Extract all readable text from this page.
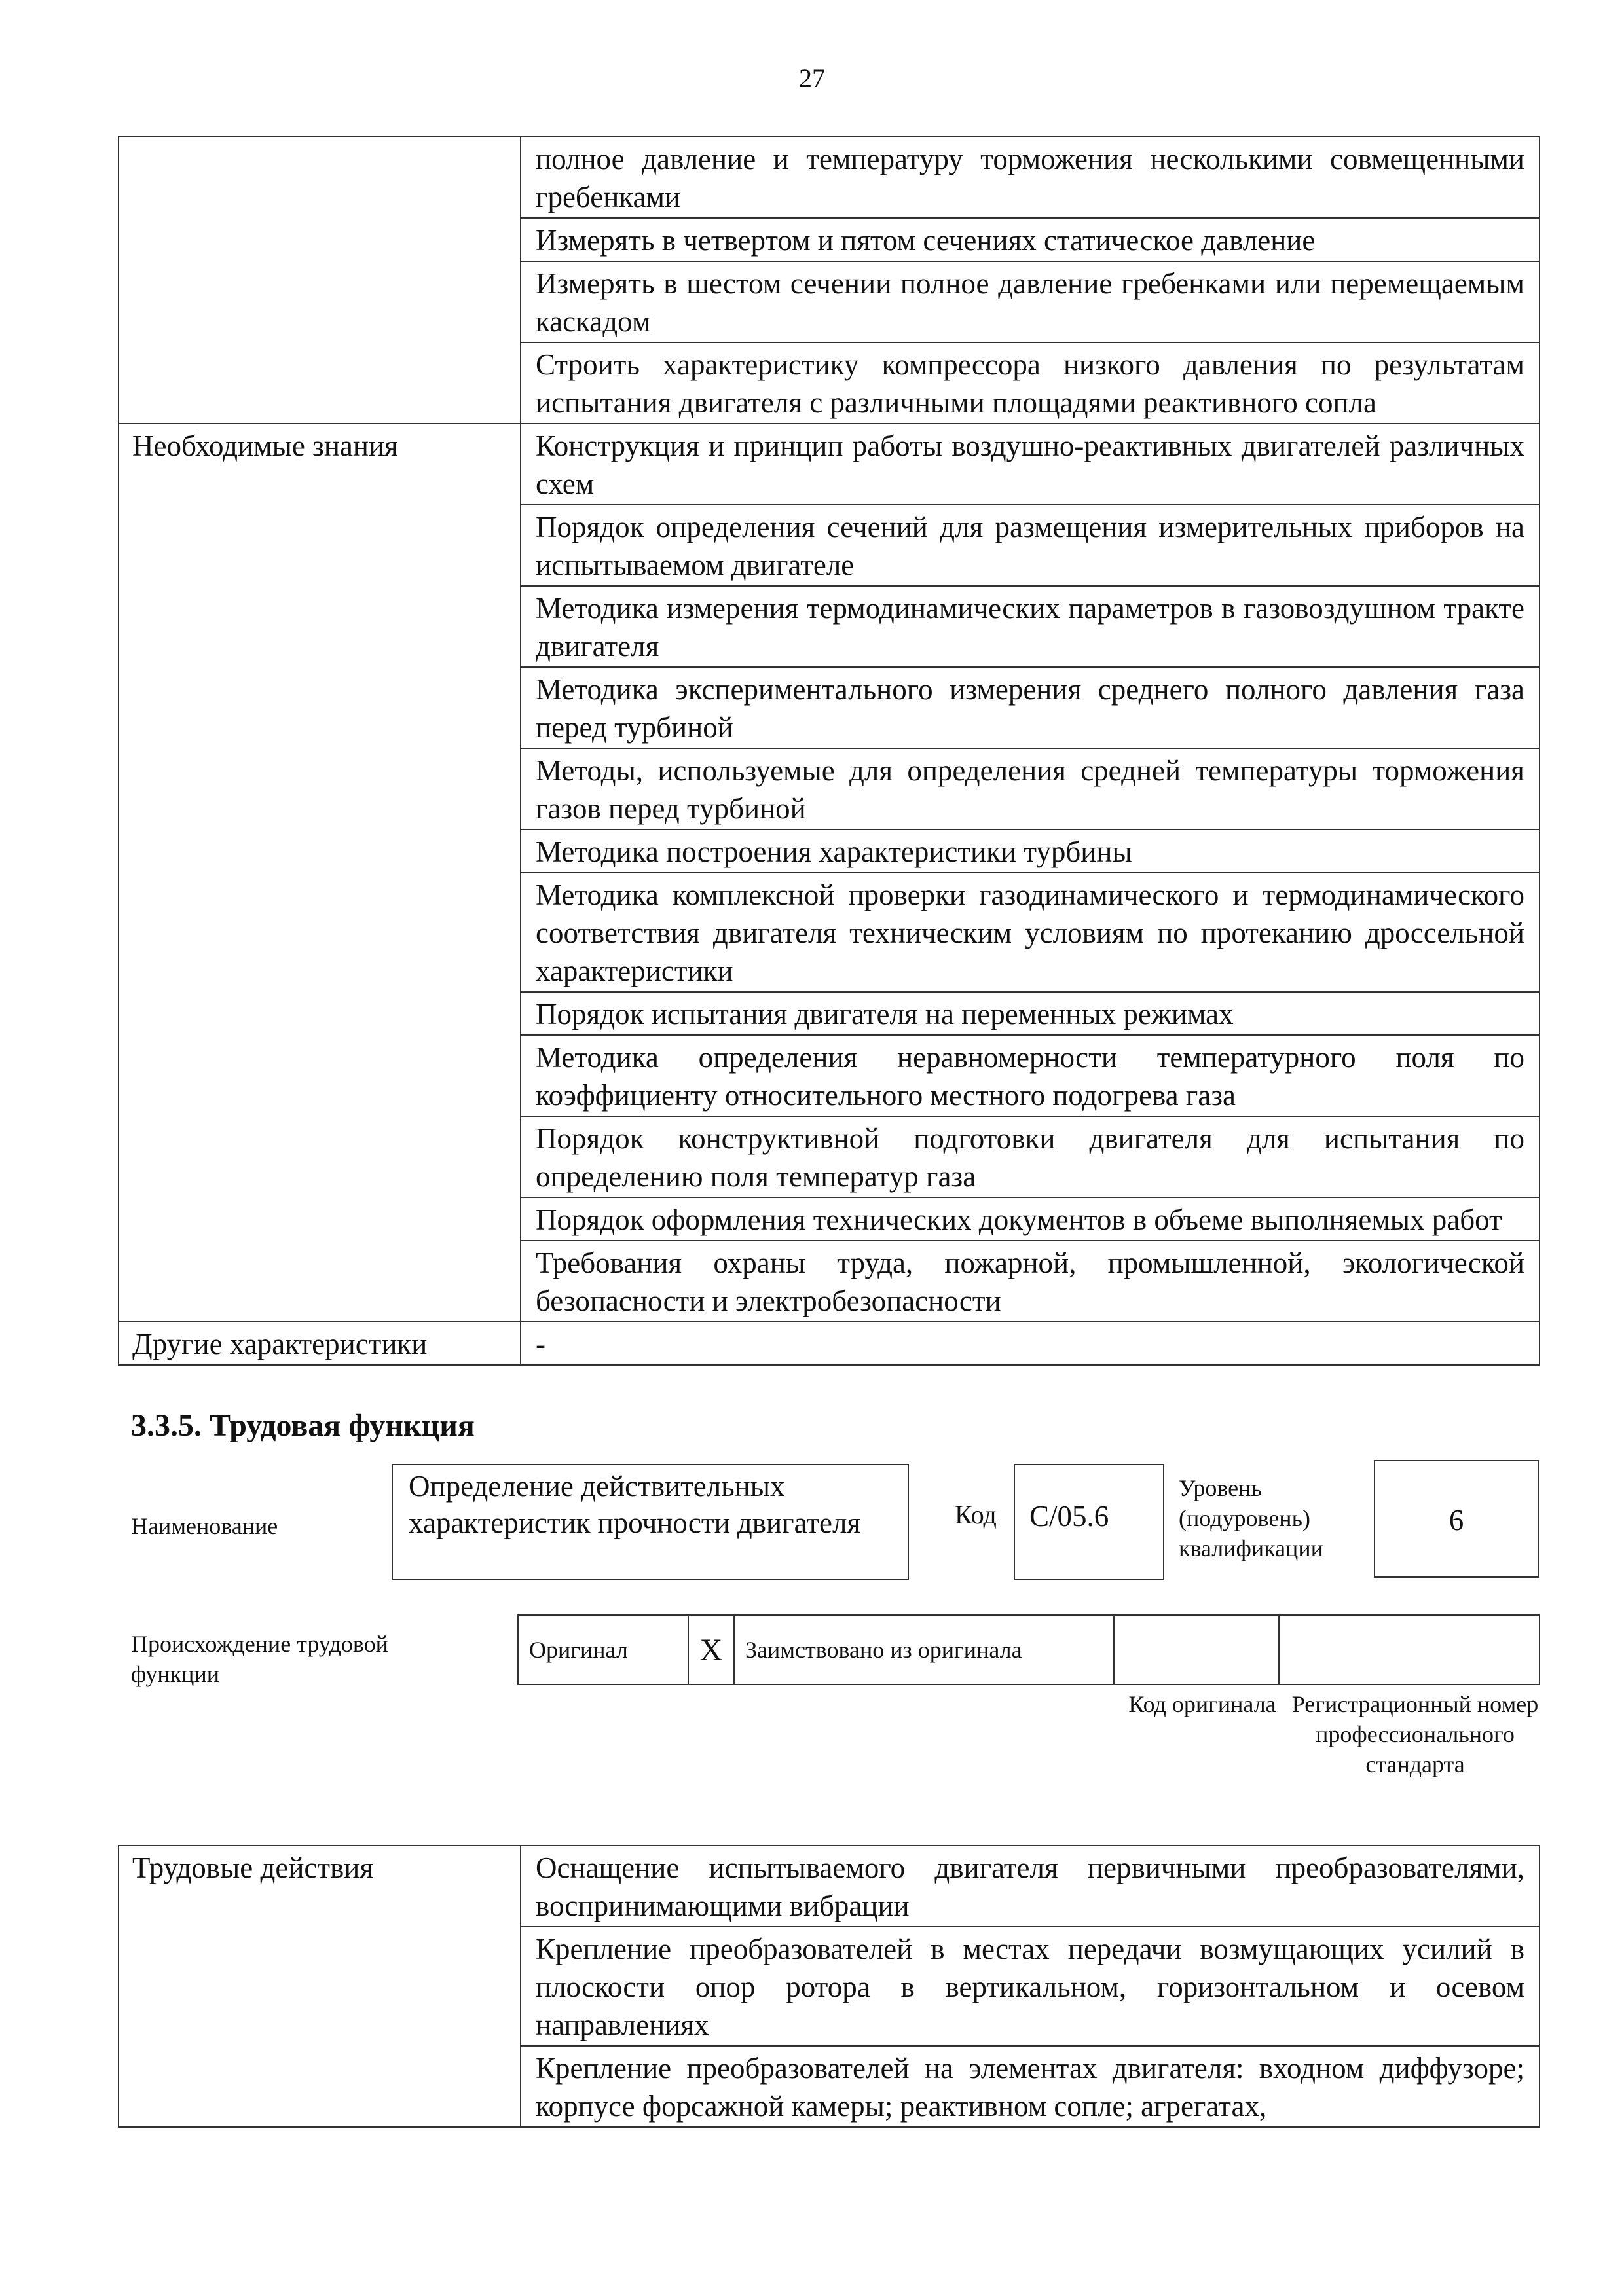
27
	полное давление и температуру торможения несколькими совмещенными гребенками
	Измерять в четвертом и пятом сечениях статическое давление
	Измерять в шестом сечении полное давление гребенками или перемещаемым каскадом
	Строить характеристику компрессора низкого давления по результатам испытания двигателя с различными площадями реактивного сопла
Необходимые знания	Конструкция и принцип работы воздушно-реактивных двигателей различных схем
	Порядок определения сечений для размещения измерительных приборов на испытываемом двигателе
	Методика измерения термодинамических параметров в газовоздушном тракте двигателя
	Методика экспериментального измерения среднего полного давления газа перед турбиной
	Методы, используемые для определения средней температуры торможения газов перед турбиной
	Методика построения характеристики турбины
	Методика комплексной проверки газодинамического и термодинамического соответствия двигателя техническим условиям по протеканию дроссельной характеристики
	Порядок испытания двигателя на переменных режимах
	Методика определения неравномерности температурного поля по коэффициенту относительного местного подогрева газа
	Порядок конструктивной подготовки двигателя для испытания по определению поля температур газа
	Порядок оформления технических документов в объеме выполняемых работ
	Требования охраны труда, пожарной, промышленной, экологической безопасности и электробезопасности
Другие характеристики	-
3.3.5. Трудовая функция
Наименование
Определение действительных характеристик прочности двигателя	Код	С/05.6
Уровень (подуровень) квалификации
6
Происхождение трудовой функции
Оригинал	X	Заимствовано из оригинала		
Код оригинала Регистрационный номер профессионального стандарта
Трудовые действия	Оснащение испытываемого двигателя первичными преобразователями, воспринимающими вибрации
Крепление преобразователей в местах передачи возмущающих усилий в плоскости опор ротора в вертикальном, горизонтальном и осевом направлениях
Крепление преобразователей на элементах двигателя: входном диффузоре; корпусе форсажной камеры; реактивном сопле; агрегатах,
